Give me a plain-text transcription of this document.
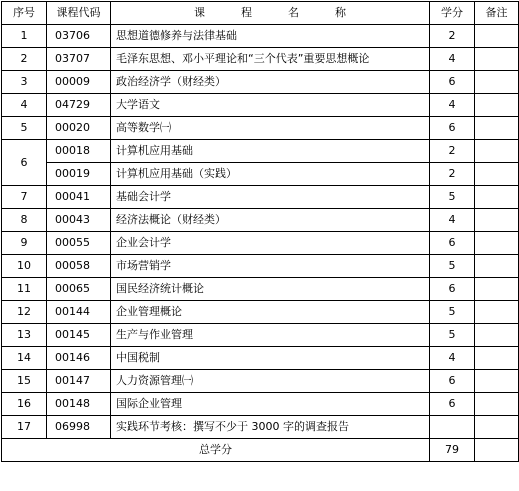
序号	课程代码	课 程 名 称	学分	备注
1	03706	思想道德修养与法律基础	2	
2	03707	毛泽东思想、邓小平理论和“三个代表”重要思想概论	4	
3	00009	政治经济学（财经类）	6	
4	04729	大学语文	4	
5	00020	高等数学㈠	6	
6	00018	计算机应用基础	2	
	00019	计算机应用基础（实践）	2	
7	00041	基础会计学	5	
8	00043	经济法概论（财经类）	4	
9	00055	企业会计学	6	
10	00058	市场营销学	5	
11	00065	国民经济统计概论	6	
12	00144	企业管理概论	5	
13	00145	生产与作业管理	5	
14	00146	中国税制	4	
15	00147	人力资源管理㈠	6	
16	00148	国际企业管理	6	
17	06998	实践环节考核：撰写不少于 3000 字的调查报告		
总学分			79	
